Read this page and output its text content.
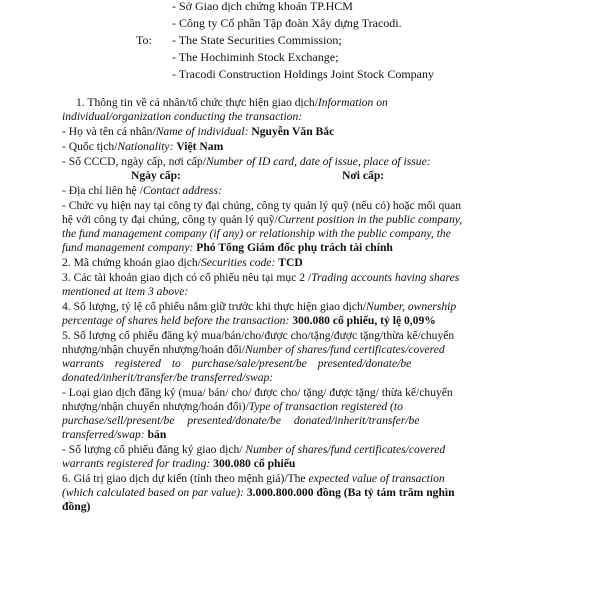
- Sở Giao dịch chứng khoán TP.HCM

- Công ty Cổ phần Tập đoàn Xây dựng Tracodi.

To: - The State Securities Commission;

- The Hochiminh Stock Exchange;

- Tracodi Construction Holdings Joint Stock Company

1. Thông tin về cá nhân/tổ chức thực hiện giao dịch/Information on

individual/organization conducting the transaction:

- Họ và tên cá nhân/Name of individual: Nguyễn Văn Bắc

- Quốc tịch/Nationality: Việt Nam

- Số CCCD, ngày cấp, nơi cấp/Number of ID card, date of issue, place of issue:

Ngày cấp:	Nơi cấp:

- Địa chỉ liên hệ /Contact address:

- Chức vụ hiện nay tại công ty đại chúng, công ty quản lý quỹ (nếu có) hoặc mối quan

hệ với công ty đại chúng, công ty quản lý quỹ/Current position in the public company,

the fund management company (if any) or relationship with the public company, the

fund management company: Phó Tổng Giám đốc phụ trách tài chính

2. Mã chứng khoán giao dịch/Securities code: TCD

3. Các tài khoản giao dịch có cổ phiếu nêu tại mục 2 /Trading accounts having shares

mentioned at item 3 above:

4. Số lượng, tỷ lệ cổ phiếu nắm giữ trước khi thực hiện giao dịch/Number, ownership

percentage of shares held before the transaction: 300.080 cổ phiếu, tỷ lệ 0,09%

5. Số lượng cổ phiếu đăng ký mua/bán/cho/được cho/tặng/được tặng/thừa kế/chuyển

nhượng/nhận chuyển nhượng/hoán đổi/Number of shares/fund certificates/covered

warrants registered to purchase/sale/present/be presented/donate/be

donated/inherit/transfer/be transferred/swap:

- Loại giao dịch đăng ký (mua/ bán/ cho/ được cho/ tặng/ được tặng/ thừa kế/chuyển

nhượng/nhận chuyển nhượng/hoán đổi)/Type of transaction registered (to

purchase/sell/present/be presented/donate/be donated/inherit/transfer/be

transferred/swap: bán

- Số lượng cổ phiếu đăng ký giao dịch/ Number of shares/fund certificates/covered

warrants registered for trading: 300.080 cổ phiếu

6. Giá trị giao dịch dự kiến (tính theo mệnh giá)/The expected value of transaction

(which calculated based on par value): 3.000.800.000 đồng (Ba tỷ tám trăm nghìn

đồng)
